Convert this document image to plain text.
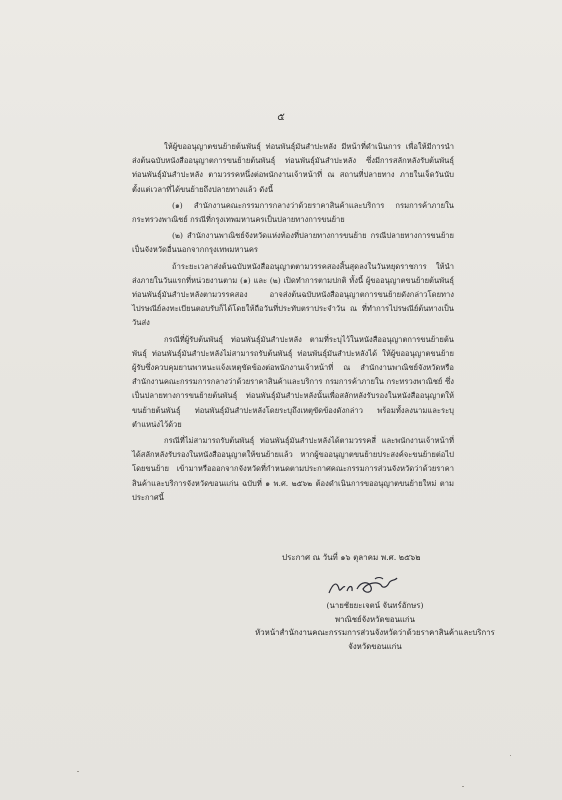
๕

ให้ผู้ขออนุญาตขนย้ายต้นพันธุ์ ท่อนพันธุ์มันสำปะหลัง มีหน้าที่ดำเนินการ เพื่อให้มีการนำส่งต้นฉบับหนังสืออนุญาตการขนย้ายต้นพันธุ์ ท่อนพันธุ์มันสำปะหลัง ซึ่งมีการสลักหลังรับต้นพันธุ์ ท่อนพันธุ์มันสำปะหลัง ตามวรรคหนึ่งต่อพนักงานเจ้าหน้าที่ ณ สถานที่ปลายทาง ภายในเจ็ดวันนับตั้งแต่เวลาที่ได้ขนย้ายถึงปลายทางแล้ว ดังนี้

(๑) สำนักงานคณะกรรมการกลางว่าด้วยราคาสินค้าและบริการ กรมการค้าภายใน กระทรวงพาณิชย์ กรณีที่กรุงเทพมหานครเป็นปลายทางการขนย้าย

(๒) สำนักงานพาณิชย์จังหวัดแห่งท้องที่ปลายทางการขนย้าย กรณีปลายทางการขนย้ายเป็นจังหวัดอื่นนอกจากกรุงเทพมหานคร

ถ้าระยะเวลาส่งต้นฉบับหนังสืออนุญาตตามวรรคสองสิ้นสุดลงในวันหยุดราชการ ให้นำส่งภายในวันแรกที่หน่วยงานตาม (๑) และ (๒) เปิดทำการตามปกติ ทั้งนี้ ผู้ขออนุญาตขนย้ายต้นพันธุ์ ท่อนพันธุ์มันสำปะหลังตามวรรคสอง อาจส่งต้นฉบับหนังสืออนุญาตการขนย้ายดังกล่าวโดยทางไปรษณีย์ลงทะเบียนตอบรับก็ได้โดยให้ถือวันที่ประทับตราประจำวัน ณ ที่ทำการไปรษณีย์ต้นทางเป็นวันส่ง

กรณีที่ผู้รับต้นพันธุ์ ท่อนพันธุ์มันสำปะหลัง ตามที่ระบุไว้ในหนังสืออนุญาตการขนย้ายต้นพันธุ์ ท่อนพันธุ์มันสำปะหลังไม่สามารถรับต้นพันธุ์ ท่อนพันธุ์มันสำปะหลังได้ ให้ผู้ขออนุญาตขนย้าย ผู้รับซึ่งควบคุมยานพาหนะแจ้งเหตุขัดข้องต่อพนักงานเจ้าหน้าที่ ณ สำนักงานพาณิชย์จังหวัดหรือสำนักงานคณะกรรมการกลางว่าด้วยราคาสินค้าและบริการ กรมการค้าภายใน กระทรวงพาณิชย์ ซึ่งเป็นปลายทางการขนย้ายต้นพันธุ์ ท่อนพันธุ์มันสำปะหลังนั้นเพื่อสลักหลังรับรองในหนังสืออนุญาตให้ขนย้ายต้นพันธุ์ ท่อนพันธุ์มันสำปะหลังโดยระบุถึงเหตุขัดข้องดังกล่าว พร้อมทั้งลงนามและระบุตำแหน่งไว้ด้วย

กรณีที่ไม่สามารถรับต้นพันธุ์ ท่อนพันธุ์มันสำปะหลังได้ตามวรรคสี่ และพนักงานเจ้าหน้าที่ได้สลักหลังรับรองในหนังสืออนุญาตให้ขนย้ายแล้ว หากผู้ขออนุญาตขนย้ายประสงค์จะขนย้ายต่อไปโดยขนย้าย เข้ามาหรือออกจากจังหวัดที่กำหนดตามประกาศคณะกรรมการส่วนจังหวัดว่าด้วยราคาสินค้าและบริการจังหวัดขอนแก่น ฉบับที่ ๑ พ.ศ. ๒๕๖๒ ต้องดำเนินการขออนุญาตขนย้ายใหม่ ตามประกาศนี้

ประกาศ ณ วันที่ ๑๖ ตุลาคม พ.ศ. ๒๕๖๒
(นายชัยยะเจตน์ จันทร์อักษร)
พาณิชย์จังหวัดขอนแก่น
หัวหน้าสำนักงานคณะกรรมการส่วนจังหวัดว่าด้วยราคาสินค้าและบริการ
จังหวัดขอนแก่น
